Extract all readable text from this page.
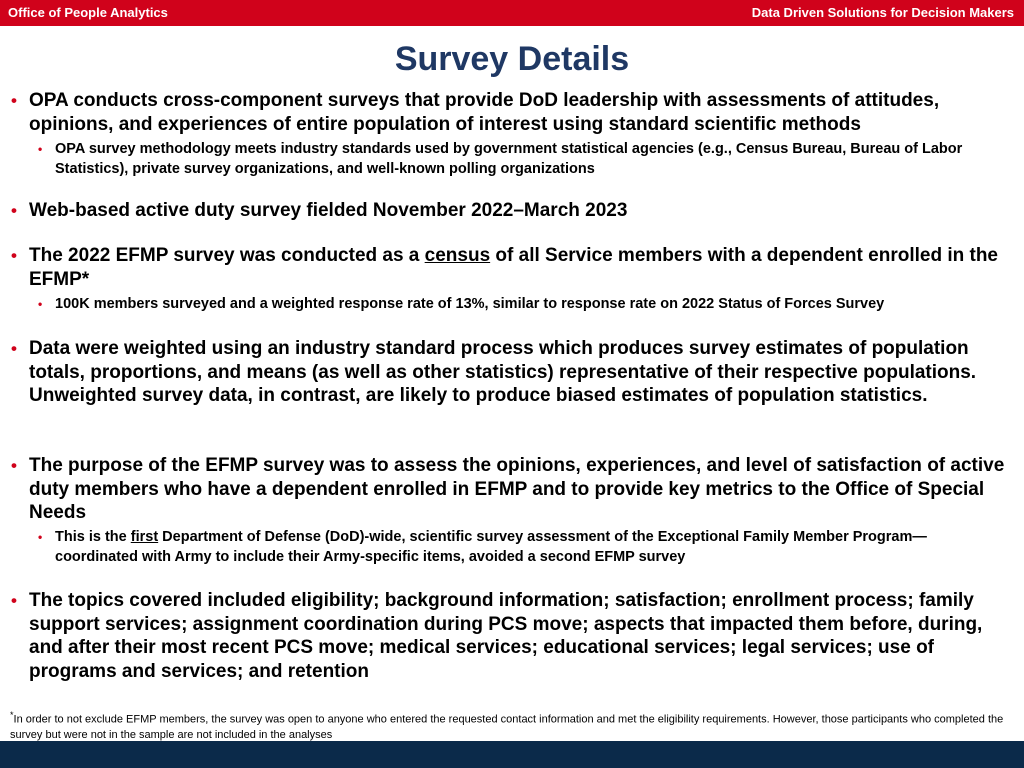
Office of People Analytics	Data Driven Solutions for Decision Makers
Survey Details
• OPA conducts cross-component surveys that provide DoD leadership with assessments of attitudes, opinions, and experiences of entire population of interest using standard scientific methods
• OPA survey methodology meets industry standards used by government statistical agencies (e.g., Census Bureau, Bureau of Labor Statistics), private survey organizations, and well-known polling organizations
• Web-based active duty survey fielded November 2022–March 2023
• The 2022 EFMP survey was conducted as a census of all Service members with a dependent enrolled in the EFMP*
• 100K members surveyed and a weighted response rate of 13%, similar to response rate on 2022 Status of Forces Survey
• Data were weighted using an industry standard process which produces survey estimates of population totals, proportions, and means (as well as other statistics) representative of their respective populations. Unweighted survey data, in contrast, are likely to produce biased estimates of population statistics.
• The purpose of the EFMP survey was to assess the opinions, experiences, and level of satisfaction of active duty members who have a dependent enrolled in EFMP and to provide key metrics to the Office of Special Needs
• This is the first Department of Defense (DoD)-wide, scientific survey assessment of the Exceptional Family Member Program—coordinated with Army to include their Army-specific items, avoided a second EFMP survey
• The topics covered included eligibility; background information; satisfaction; enrollment process; family support services; assignment coordination during PCS move; aspects that impacted them before, during, and after their most recent PCS move; medical services; educational services; legal services; use of programs and services; and retention
*In order to not exclude EFMP members, the survey was open to anyone who entered the requested contact information and met the eligibility requirements. However, those participants who completed the survey but were not in the sample are not included in the analyses
